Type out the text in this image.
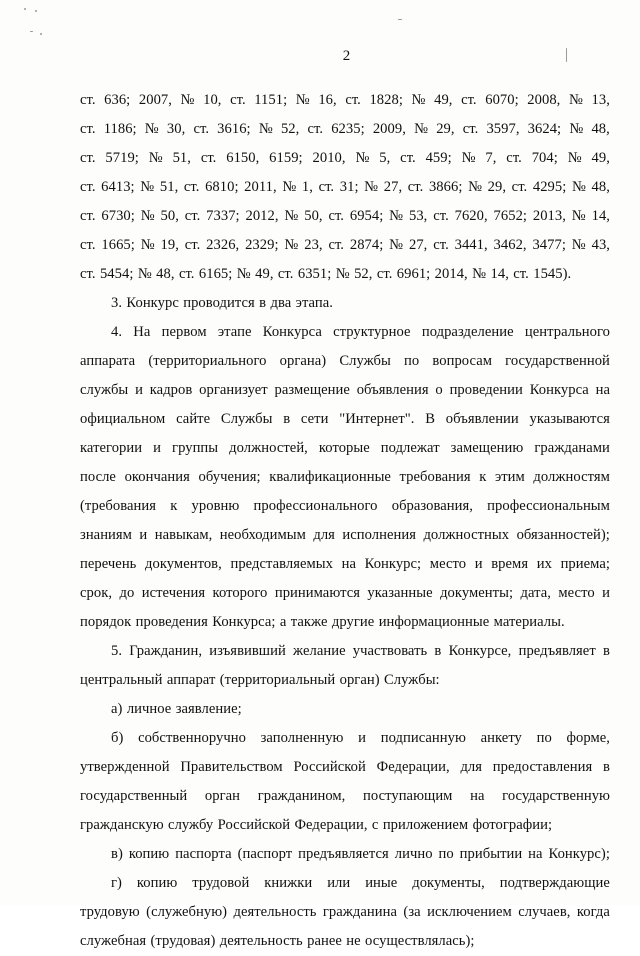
2
ст. 636; 2007, № 10, ст. 1151; № 16, ст. 1828; № 49, ст. 6070; 2008, № 13,
ст. 1186; № 30, ст. 3616; № 52, ст. 6235; 2009, № 29, ст. 3597, 3624; № 48,
ст. 5719; № 51, ст. 6150, 6159; 2010, № 5, ст. 459; № 7, ст. 704; № 49,
ст. 6413; № 51, ст. 6810; 2011, № 1, ст. 31; № 27, ст. 3866; № 29, ст. 4295; № 48,
ст. 6730; № 50, ст. 7337; 2012, № 50, ст. 6954; № 53, ст. 7620, 7652; 2013, № 14,
ст. 1665; № 19, ст. 2326, 2329; № 23, ст. 2874; № 27, ст. 3441, 3462, 3477; № 43,
ст. 5454; № 48, ст. 6165; № 49, ст. 6351; № 52, ст. 6961; 2014, № 14, ст. 1545).
3. Конкурс проводится в два этапа.
4. На первом этапе Конкурса структурное подразделение центрального
аппарата (территориального органа) Службы по вопросам государственной
службы и кадров организует размещение объявления о проведении Конкурса на
официальном сайте Службы в сети "Интернет". В объявлении указываются
категории и группы должностей, которые подлежат замещению гражданами
после окончания обучения; квалификационные требования к этим должностям
(требования к уровню профессионального образования, профессиональным
знаниям и навыкам, необходимым для исполнения должностных обязанностей);
перечень документов, представляемых на Конкурс; место и время их приема;
срок, до истечения которого принимаются указанные документы; дата, место и
порядок проведения Конкурса; а также другие информационные материалы.
5. Гражданин, изъявивший желание участвовать в Конкурсе, предъявляет в
центральный аппарат (территориальный орган) Службы:
а) личное заявление;
б) собственноручно заполненную и подписанную анкету по форме,
утвержденной Правительством Российской Федерации, для предоставления в
государственный орган гражданином, поступающим на государственную
гражданскую службу Российской Федерации, с приложением фотографии;
в) копию паспорта (паспорт предъявляется лично по прибытии на Конкурс);
г) копию трудовой книжки или иные документы, подтверждающие
трудовую (служебную) деятельность гражданина (за исключением случаев, когда
служебная (трудовая) деятельность ранее не осуществлялась);
